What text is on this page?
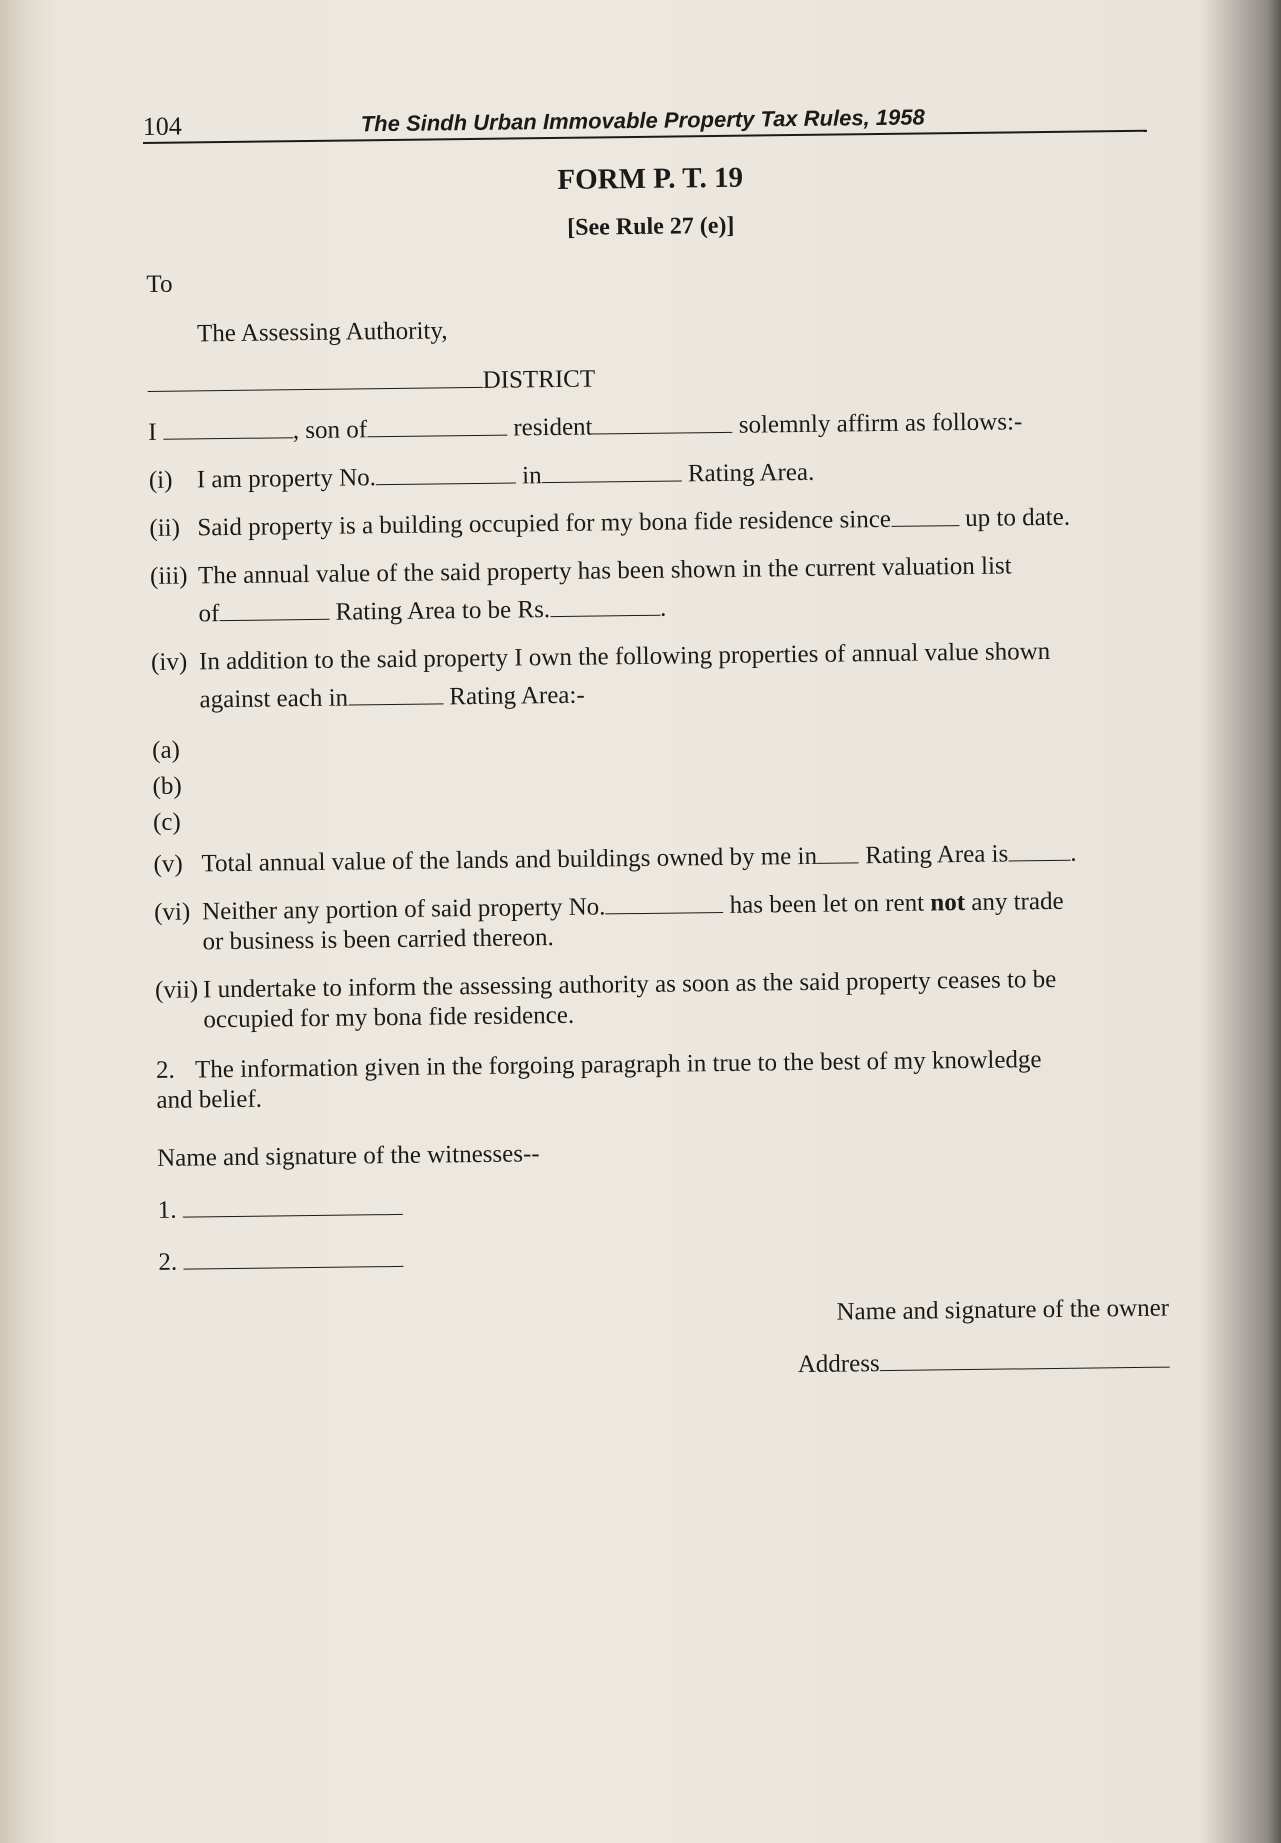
104	The Sindh Urban Immovable Property Tax Rules, 1958
FORM P. T. 19
[See Rule 27 (e)]
To
The Assessing Authority,
DISTRICT
I	, son of	resident	solemnly affirm as follows:-
(i) I am property No.	in	Rating Area.
(ii) Said property is a building occupied for my bona fide residence since	up to date.
(iii) The annual value of the said property has been shown in the current valuation list
of	Rating Area to be Rs.	.
(iv) In addition to the said property I own the following properties of annual value shown
against each in	Rating Area:-
(a)
(b)
(c)
(v) Total annual value of the lands and buildings owned by me in Rating Area is .
(vi) Neither any portion of said property No.	has been let on rent not any trade
or business is been carried thereon.
(vii) I undertake to inform the assessing authority as soon as the said property ceases to be
occupied for my bona fide residence.
2. The information given in the forgoing paragraph in true to the best of my knowledge
and belief.
Name and signature of the witnesses--
1.
2.
Name and signature of the owner
Address
